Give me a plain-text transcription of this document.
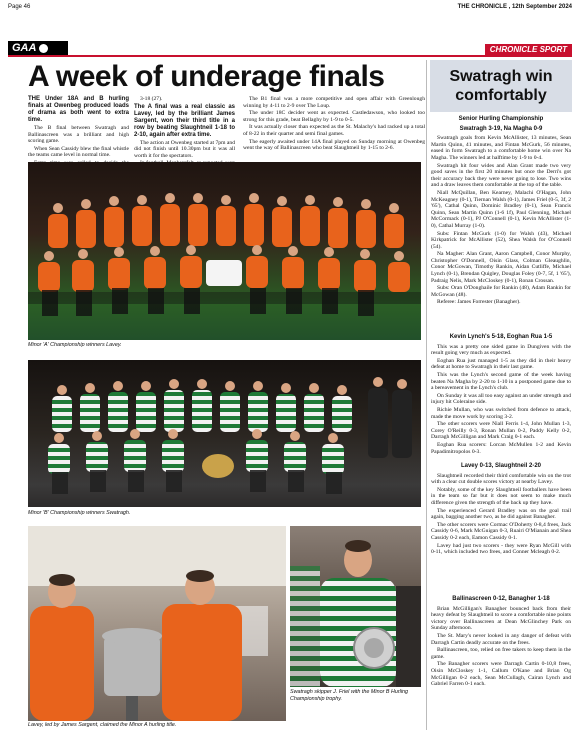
Page 46	THE CHRONICLE , 12th September 2024
GAA	CHRONICLE SPORT
A week of underage finals

THE Under 18A and B hurling finals at Owenbeg produced loads of drama as both went to extra time.

The B final between Swatragh and Ballinascreen was a brilliant and high scoring game.

When Sean Cassidy blew the final whistle the teams came level in normal time.

3-18 (27).

The A final was a real classic as Lavey, led by the brilliant James Sargent, won their third title in a row by beating Slaughtneil 1-18 to 2-10, again after extra time.

The action at Owenbeg started at 7pm and did not finish until 10.30pm but it was all worth it for the spectators.

The B1 final was a more competitive and open affair with Greenlough winning by 4-11 to 2-9 over The Loup.

The under 18C decider went as expected. Castledawson, who looked too strong for this grade, beat Bellaghy by 1-9 to 0-5.

It was actually closer than expected as the St. Malachy's had racked up a total of 8-22 in their quarter and semi final games.

The eagerly awaited under 14A final played on Sunday morning at Owenbeg went the way of Ballinascreen who beat Slaughtneil by 1-15 to 2-6.

Minor 'A' Championship winners Lavey.
Minor 'B' Championship winners Swatragh.
Lavey, led by James Sargent, claimed the Minor A hurling title.
Swatragh skipper J. Friel with the Minor B Hurling Championship trophy.
Swatragh win comfortably
Senior Hurling Championship
Swatragh 3-19, Na Magha 0-9

Swatragh goals from Kevin McAllister, 13 minutes, Sean Martin Quinn, 41 minutes, and Fintan McGurk, 56 minutes, eased in form Swatragh to a comfortable home win over Na Magha. The winners led at halftime by 1-9 to 0-4.

Swatragh hit four wides and Alan Grant made two very good saves in the first 20 minutes but once the Derri's got their accuracy back they were never going to lose. Two wins and a draw leaves them comfortable at the top of the table.

Niall McQuillan, Ben Kearney, Malachi O'Hagan, John McKeagney (0-1), Tiernan Walsh (0-1), James Friel (0-5, 3f, 2 '65'), Cathal Quinn, Dominic Bradley (0-1), Sean Francis Quinn, Sean Martin Quinn (1-6 1f), Paul Glenning, Michael McCormack (0-1), PJ O'Connell (0-1), Kevin McAllister (1-0), Cathal Murray (1-0).

Subs: Fintan McGurk (1-0) for Walsh (43), Michael Kirkpatrick for McAllister (52), Shea Walsh for O'Connell (54).

Na Magher: Alan Grant, Aaron Campbell, Conor Murphy, Christopher O'Donnell, Oisin Glass, Colman Gleaughlin, Conor McGowan, Timothy Rankin, Aidan Cutliffe, Michael Lynch (0-1), Brendan Quigley, Douglas Foley (0-7, 5f, 1 '65'), Padraig Nelis, Mark McCloskey (0-1), Ronan Crossan.

Subs: Oran O'Donghaile for Rankin (48), Adam Rankin for McGowan (48).

Referee: James Forrester (Banagher).

Kevin Lynch's 5-18, Eoghan Rua 1-5

This was a pretty one sided game in Dungiven with the result going very much as expected.

Eoghan Rua just managed 1-5 as they did in their heavy defeat at home to Swatragh in their last game.

This was the Lynch's second game of the week having beaten Na Magha by 2-20 to 1-10 in a postponed game due to a bereavement in the Lynch's club.

On Sunday it was all too easy against an under strength and injury hit Coleraine side.

Richie Mullan, who was switched from defence to attack, made the move work by scoring 3-2.

The other scorers were Niall Ferris 1-4, John Mullan 1-3, Corey O'Reilly 0-3, Ronan Mullan 0-2, Paddy Kelly 0-2, Darragh McGilligan and Mark Craig 0-1 each.

Eoghan Rua scorers: Lorcan McMullen 1-2 and Kevin Papadimitropolos 0-3.

Lavey 0-13, Slaughtneil 2-20

Slaughtneil recorded their third comfortable win on the trot with a clear cut double scores victory at nearby Lavey.

Notably, some of the key Slaughtneil footballers have been in the team so far but it does not seem to make much difference given the strength of the back up they have.

The experienced Gerard Bradley was on the goal trail again, bagging another two, as he did against Banagher.

The other scorers were Cormac O'Doherty 0-8,4 frees, Jack Cassidy 0-6, Mark McGuigan 0-3, Ruairi O'Mianain and Shea Cassidy 0-2 each, Eamon Cassidy 0-1.

Lavey had just two scorers - they were Ryan McGill with 0-11, which included two frees, and Conner Mcleagh 0-2.

Ballinascreen 0-12, Banagher 1-18

Brian McGilligan's Banagher bounced back from their heavy defeat by Slaughtneil to score a comfortable nine points victory over Ballinascreen at Dean McGlinchey Park on Sunday afternoon.

The St. Mary's never looked in any danger of defeat with Darragh Cartin deadly accurate on the frees.

Ballinascreen, too, relied on free takers to keep them in the game.

The Banagher scorers were Darragh Cartin 0-10,8 frees, Oisin McCloskey 1-1, Callum O'Kane and Brian Og McGilligan 0-2 each, Sean McCullagh, Cairan Lynch and Gabriel Farren 0-1 each.
